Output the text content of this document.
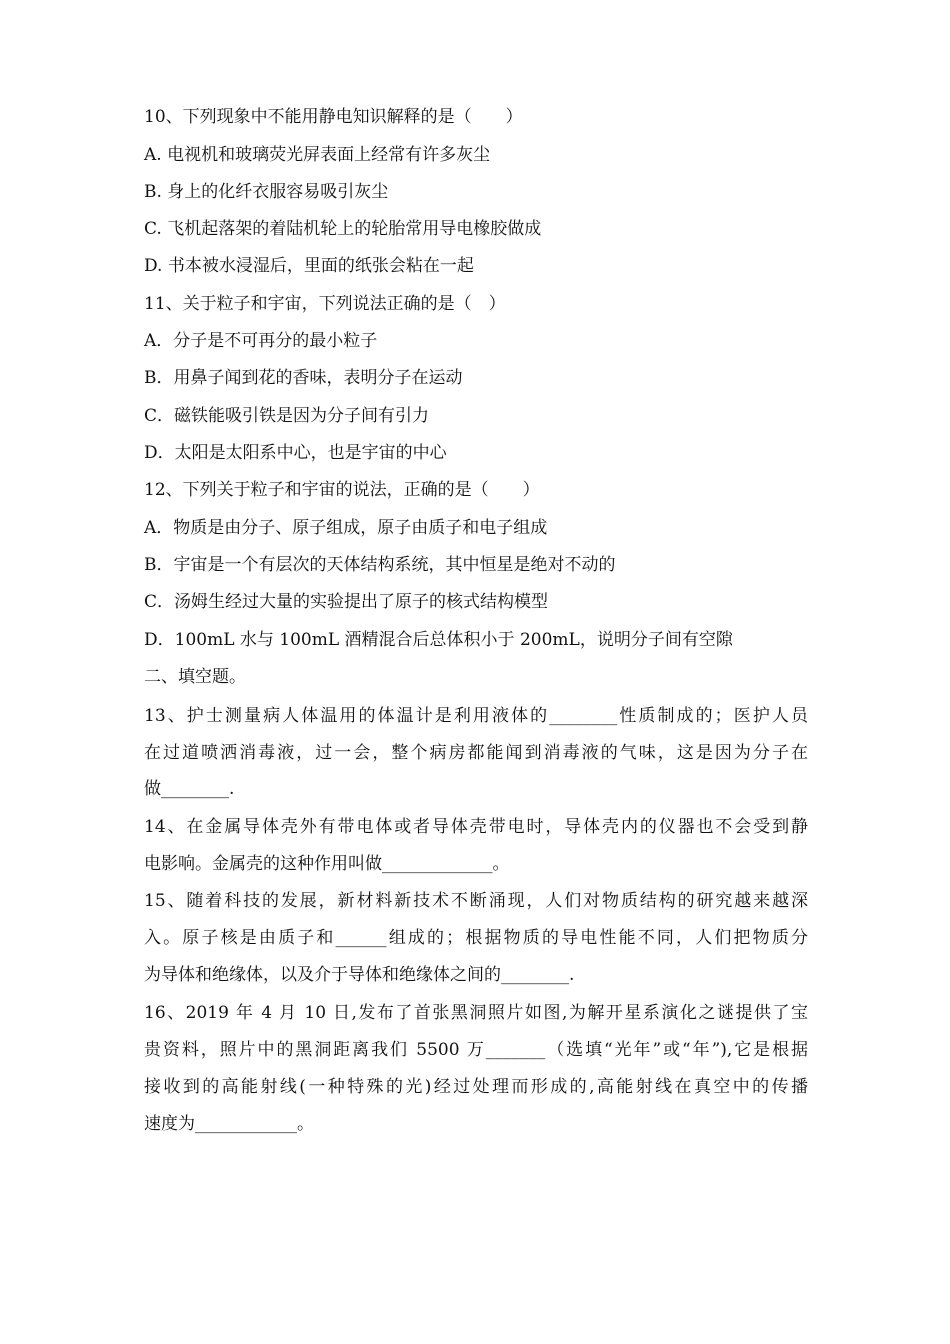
10、下列现象中不能用静电知识解释的是（　　）
A. 电视机和玻璃荧光屏表面上经常有许多灰尘
B. 身上的化纤衣服容易吸引灰尘
C. 飞机起落架的着陆机轮上的轮胎常用导电橡胶做成
D. 书本被水浸湿后，里面的纸张会粘在一起
11、关于粒子和宇宙，下列说法正确的是（　）
A．分子是不可再分的最小粒子
B．用鼻子闻到花的香味，表明分子在运动
C．磁铁能吸引铁是因为分子间有引力
D．太阳是太阳系中心，也是宇宙的中心
12、下列关于粒子和宇宙的说法，正确的是（　　）
A．物质是由分子、原子组成，原子由质子和电子组成
B．宇宙是一个有层次的天体结构系统，其中恒星是绝对不动的
C．汤姆生经过大量的实验提出了原子的核式结构模型
D．100mL 水与 100mL 酒精混合后总体积小于 200mL，说明分子间有空隙
二、填空题。
13、护士测量病人体温用的体温计是利用液体的________性质制成的；医护人员
在过道喷洒消毒液，过一会，整个病房都能闻到消毒液的气味，这是因为分子在
做________.
14、在金属导体壳外有带电体或者导体壳带电时，导体壳内的仪器也不会受到静
电影响。金属壳的这种作用叫做_____________。
15、随着科技的发展，新材料新技术不断涌现，人们对物质结构的研究越来越深
入。原子核是由质子和______组成的；根据物质的导电性能不同，人们把物质分
为导体和绝缘体，以及介于导体和绝缘体之间的________.
16、2019 年 4 月 10 日,发布了首张黑洞照片如图,为解开星系演化之谜提供了宝
贵资料，照片中的黑洞距离我们 5500 万_______（选填“光年”或“年”),它是根据
接收到的高能射线(一种特殊的光)经过处理而形成的,高能射线在真空中的传播
速度为____________。
